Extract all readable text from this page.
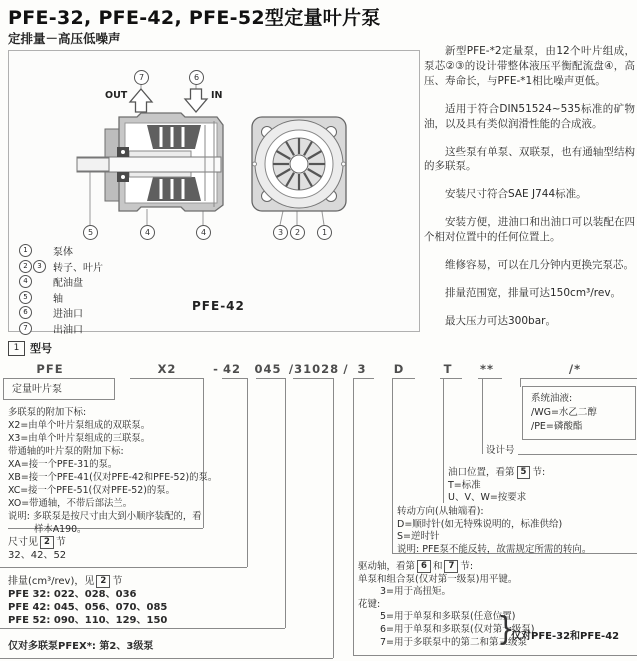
PFE-32, PFE-42, PFE-52型定量叶片泵
定排量－高压低噪声
OUT	IN
7	6
5	4	4	3	2	1
1	泵体
2	3	转子、叶片
4	配油盘
5	轴
6	进油口
7	出油口
PFE-42

新型PFE-*2定量泵，由12个叶片组成，泵芯②③的设计带整体液压平衡配流盘④，高压、寿命长，与PFE-*1相比噪声更低。

适用于符合DIN51524~535标准的矿物油，以及具有类似润滑性能的合成液。

这些泵有单泵、双联泵，也有通轴型结构的多联泵。

安装尺寸符合SAE J744标准。

安装方便，进油口和出油口可以装配在四个相对位置中的任何位置上。

维修容易，可以在几分钟内更换完泵芯。

排量范围宽，排量可达150cm³/rev。

最大压力可达300bar。

1 型号
PFE	X2	- 42 045 /31028 / 3 D	T **	/*
定量叶片泵
多联泵的附加下标:
X2=由单个叶片泵组成的双联泵。
X3=由单个叶片泵组成的三联泵。
带通轴的叶片泵的附加下标:
XA=接一个PFE-31的泵。
XB=接一个PFE-41(仅对PFE-42和PFE-52)的泵。
XC=接一个PFE-51(仅对PFE-52)的泵。
XO=带通轴，不带后部法兰。
说明: 多联泵是按尺寸由大到小顺序装配的，看
样本A190。
尺寸见 2 节
32、42、52
排量(cm³/rev)，见 2 节
PFE 32: 022、028、036
PFE 42: 045、056、070、085
PFE 52: 090、110、129、150
仅对多联泵PFEX*: 第2、3级泵
系统油液:
/WG=水乙二醇
/PE=磷酸酯
设计号
油口位置，看第 5 节:
T=标准
U、V、W=按要求
转动方向(从轴端看):
D=顺时针(如无特殊说明的，标准供给)
S=逆时针
说明: PFE泵不能反转，故需规定所需的转向。
驱动轴，看第 6 和 7 节:
单泵和组合泵(仅对第一级泵)用平键。
3=用于高扭矩。
花键:
5=用于单泵和多联泵(任意位置)
6=用于单泵和多联泵(仅对第一级泵)
7=用于多联泵中的第二和第三级泵
}
仅对PFE-32和PFE-42
